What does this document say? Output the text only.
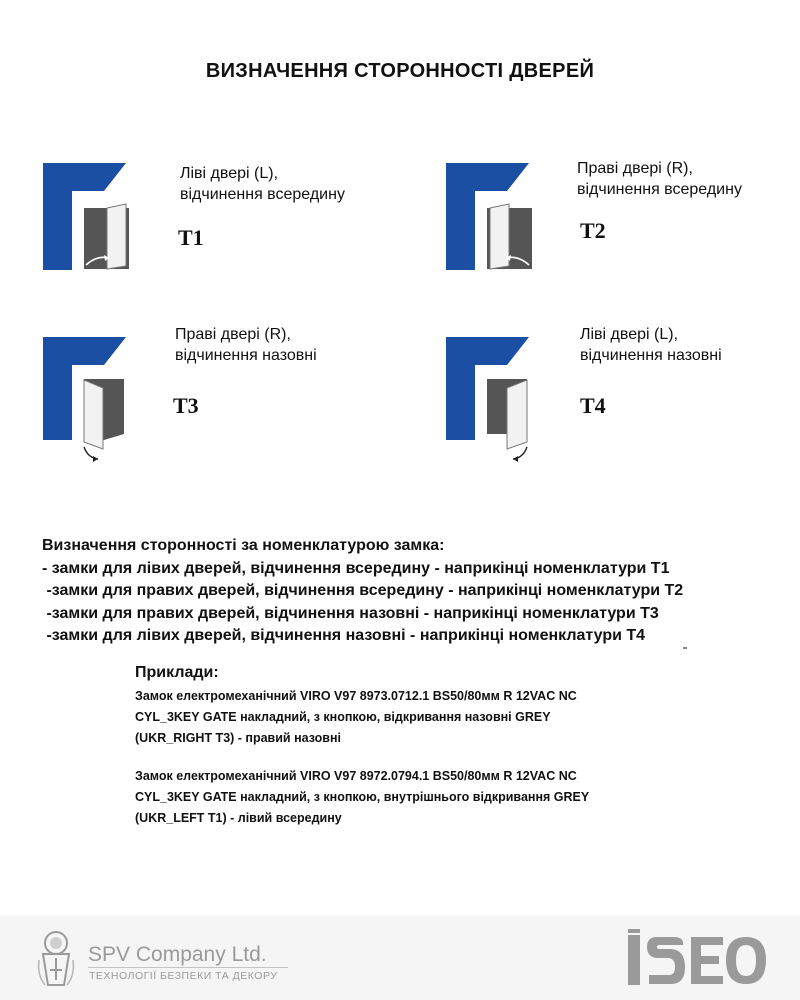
ВИЗНАЧЕННЯ СТОРОННОСТІ ДВЕРЕЙ
Ліві двері (L),
відчинення всередину
T1
Праві двері (R),
відчинення всередину
T2
Праві двері (R),
відчинення назовні
T3
Ліві двері (L),
відчинення назовні
T4
Визначення сторонності за номенклатурою замка:
- замки для лівих дверей, відчинення всередину - наприкінці номенклатури T1
-замки для правих дверей, відчинення всередину - наприкінці номенклатури T2
-замки для правих дверей, відчинення назовні - наприкінці номенклатури T3
-замки для лівих дверей, відчинення назовні - наприкінці номенклатури T4
Приклади:
Замок електромеханічний VIRO V97 8973.0712.1 BS50/80мм R 12VAC NC
CYL_3KEY GATE накладний, з кнопкою, відкривання назовні GREY
(UKR_RIGHT T3) - правий назовні
Замок електромеханічний VIRO V97 8972.0794.1 BS50/80мм R 12VAC NC
CYL_3KEY GATE накладний, з кнопкою, внутрішнього відкривання GREY
(UKR_LEFT T1) - лівий всередину
SPV Company Ltd.
ТЕХНОЛОГІЇ БЕЗПЕКИ ТА ДЕКОРУ
